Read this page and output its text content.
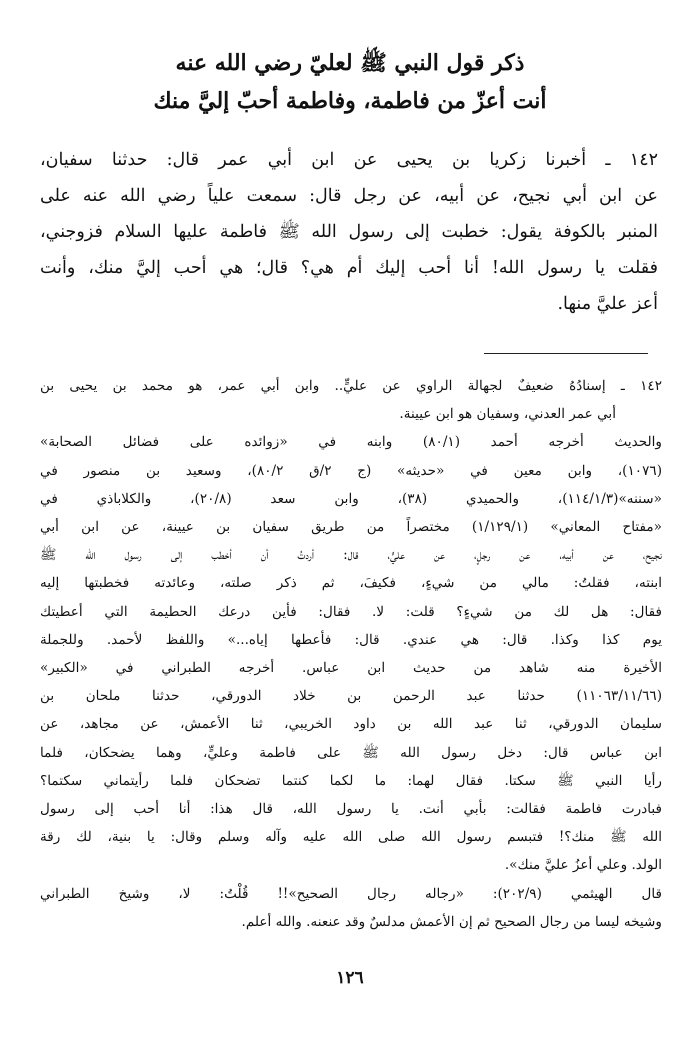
ذكر قول النبي ﷺ لعليّ رضي الله عنه
أنت أعزّ من فاطمة، وفاطمة أحبّ إليَّ منك
١٤٢ ـ أخبرنا زكريا بن يحيى عن ابن أبي عمر قال: حدثنا سفيان،
عن ابن أبي نجيح، عن أبيه، عن رجل قال: سمعت علياً رضي الله عنه على
المنبر بالكوفة يقول: خطبت إلى رسول الله ﷺ فاطمة عليها السلام فزوجني،
فقلت يا رسول الله! أنا أحب إليك أم هي؟ قال؛ هي أحب إليَّ منك، وأنت
أعز عليَّ منها.
١٤٢ ـ إسنادُهُ ضعيفٌ لجهالة الراوي عن عليٍّ.. وابن أبي عمر، هو محمد بن يحيى بن
أبي عمر العدني، وسفيان هو ابن عيينة.
والحديث أخرجه أحمد (٨٠/١) وابنه في «زوائده على فضائل الصحابة»
(١٠٧٦)، وابن معين في «حديثه» (ج ٢/ق ٨٠/٢)، وسعيد بن منصور في
«سننه»(١١٤/١/٣)، والحميدي (٣٨)، وابن سعد (٢٠/٨)، والكلاباذي في
«مفتاح المعاني» (١/١٢٩/١) مختصراً من طريق سفيان بن عيينة، عن ابن أبي
نجيح، عن أبيه، عن رجلٍ، عن عليٍّ، قال: أردتُ أن أخطب إلى رسول الله ﷺ
ابنته، فقلتُ: مالي من شيءٍ، فكيفَ، ثم ذكر صلته، وعائدته فخطبتها إليه
فقال: هل لك من شيءٍ؟ قلت: لا. فقال: فأين درعك الحطيمة التي أعطيتك
يوم كذا وكذا. قال: هي عندي. قال: فأعطها إياه...» واللفظ لأحمد. وللجملة
الأخيرة منه شاهد من حديث ابن عباس. أخرجه الطبراني في «الكبير»
(١١٠٦٣/١١/٦٦) حدثنا عبد الرحمن بن خلاد الدورقي، حدثنا ملحان بن
سليمان الدورقي، ثنا عبد الله بن داود الخريبي، ثنا الأعمش، عن مجاهد، عن
ابن عباس قال: دخل رسول الله ﷺ على فاطمة وعليٍّ، وهما يضحكان، فلما
رأيا النبي ﷺ سكتا. فقال لهما: ما لكما كنتما تضحكان فلما رأيتماني سكتما؟
فبادرت فاطمة فقالت: بأبي أنت. يا رسول الله، قال هذا: أنا أحب إلى رسول
الله ﷺ منك؟! فتبسم رسول الله صلى الله عليه وآله وسلم وقال: يا بنية، لك رقة
الولد. وعلي أعزُ عليَّ منك».
قال الهيثمي (٢٠٢/٩): «رجاله رجال الصحيح»!! قُلْتُ: لا، وشيخ الطبراني
وشيخه ليسا من رجال الصحيح ثم إن الأعمش مدلسٌ وقد عنعنه. والله أعلم.
١٢٦
